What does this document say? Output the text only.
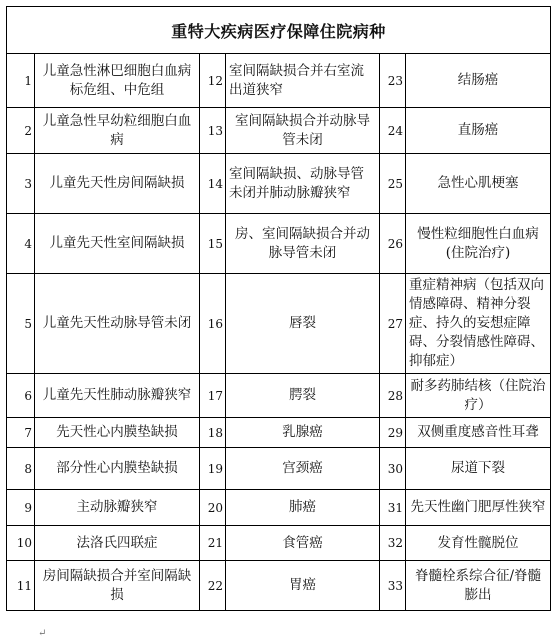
重特大疾病医疗保障住院病种					
1	儿童急性淋巴细胞白血病标危组、中危组	12	室间隔缺损合并右室流出道狭窄	23	结肠癌
2	儿童急性早幼粒细胞白血病	13	室间隔缺损合并动脉导管未闭	24	直肠癌
3	儿童先天性房间隔缺损	14	室间隔缺损、动脉导管未闭并肺动脉瓣狭窄	25	急性心肌梗塞
4	儿童先天性室间隔缺损	15	房、室间隔缺损合并动脉导管未闭	26	慢性粒细胞性白血病(住院治疗)
5	儿童先天性动脉导管未闭	16	唇裂	27	重症精神病（包括双向情感障碍、精神分裂症、持久的妄想症障碍、分裂情感性障碍、抑郁症）
6	儿童先天性肺动脉瓣狭窄	17	腭裂	28	耐多药肺结核（住院治疗）
7	先天性心内膜垫缺损	18	乳腺癌	29	双侧重度感音性耳聋
8	部分性心内膜垫缺损	19	宫颈癌	30	尿道下裂
9	主动脉瓣狭窄	20	肺癌	31	先天性幽门肥厚性狭窄
10	法洛氏四联症	21	食管癌	32	发育性髋脱位
11	房间隔缺损合并室间隔缺损	22	胃癌	33	脊髓栓系综合征/脊髓膨出
↵
